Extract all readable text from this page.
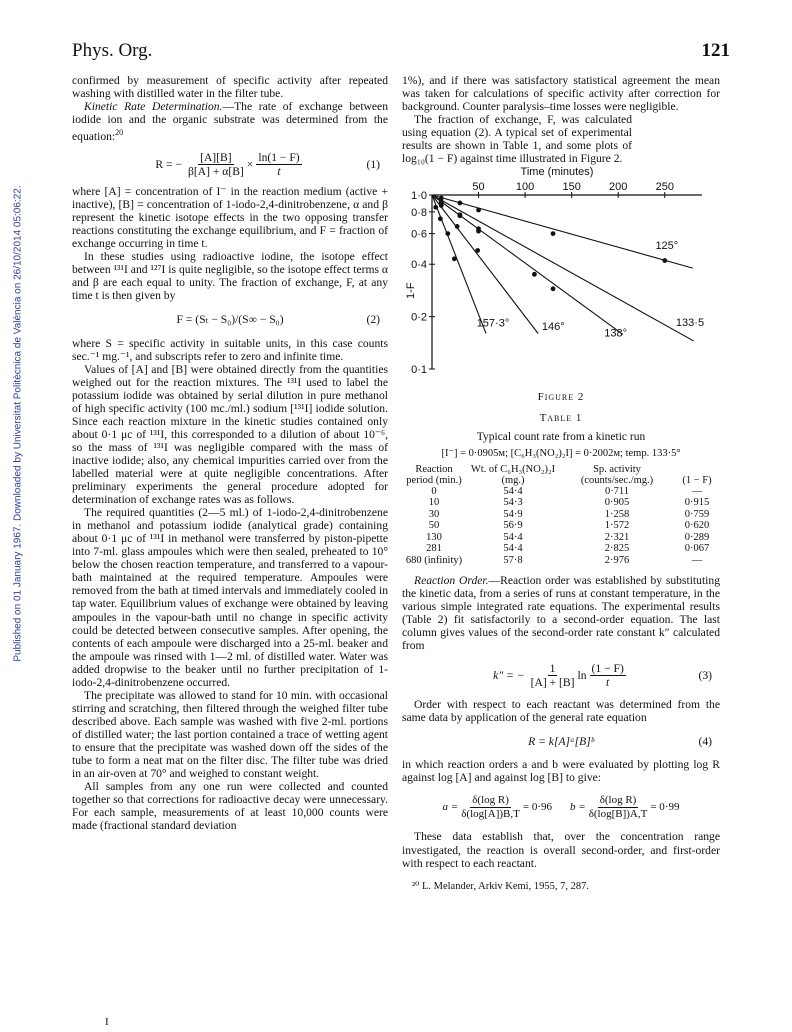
Phys. Org.	121
Published on 01 January 1967. Downloaded by Universitat Politècnica de València on 26/10/2014 05:06:22.

confirmed by measurement of specific activity after repeated washing with distilled water in the filter tube.

Kinetic Rate Determination.—The rate of exchange between iodide ion and the organic substrate was determined from the equation:$^{20}$

R = − $\frac{[A][B]}{\beta[A] + \alpha[B]} \times \frac{\ln(1 - F)}{t}$	(1)

where [A] = concentration of I⁻ in the reaction medium (active + inactive), [B] = concentration of 1-iodo-2,4-dinitrobenzene, α and β represent the kinetic isotope effects in the two opposing transfer reactions constituting the exchange equilibrium, and F = fraction of exchange occurring in time t.

In these studies using radioactive iodine, the isotope effect between ¹³¹I and ¹²⁷I is quite negligible, so the isotope effect terms α and β are each equal to unity. The fraction of exchange, F, at any time t is then given by

F = (Sₜ − S₀)/(S∞ − S₀)	(2)

where S = specific activity in suitable units, in this case counts sec.⁻¹ mg.⁻¹, and subscripts refer to zero and infinite time.

Values of [A] and [B] were obtained directly from the quantities weighed out for the reaction mixtures. The ¹³¹I used to label the potassium iodide was obtained by serial dilution in pure methanol of high specific activity (100 mc./ml.) sodium [¹³¹I] iodide solution. Since each reaction mixture in the kinetic studies contained only about 0·1 μc of ¹³¹I, this corresponded to a dilution of about 10⁻⁶, so the mass of ¹³¹I was negligible compared with the mass of inactive iodide; also, any chemical impurities carried over from the labelled material were at quite negligible concentrations. After preliminary experiments the general procedure adopted for determination of exchange rates was as follows.

The required quantities (2—5 ml.) of 1-iodo-2,4-dinitrobenzene in methanol and potassium iodide (analytical grade) containing about 0·1 μc of ¹³¹I in methanol were transferred by piston-pipette into 7-ml. glass ampoules which were then sealed, preheated to 10° below the chosen reaction temperature, and transferred to a vapour-bath maintained at the required temperature. Ampoules were removed from the bath at timed intervals and immediately cooled in tap water. Equilibrium values of exchange were obtained by leaving ampoules in the vapour-bath until no change in specific activity could be detected between consecutive samples. After opening, the contents of each ampoule were discharged into a 25-ml. beaker and the ampoule was rinsed with 1—2 ml. of distilled water. Water was added dropwise to the beaker until no further precipitation of 1-iodo-2,4-dinitrobenzene occurred.

The precipitate was allowed to stand for 10 min. with occasional stirring and scratching, then filtered through the weighed filter tube described above. Each sample was washed with five 2-ml. portions of distilled water; the last portion contained a trace of wetting agent to ensure that the precipitate was washed down off the sides of the tube to form a neat mat on the filter disc. The filter tube was dried in an air-oven at 70° and weighed to constant weight.

All samples from any one run were collected and counted together so that corrections for radioactive decay were unnecessary. For each sample, measurements of at least 10,000 counts were made (fractional standard deviation

I

1%), and if there was satisfactory statistical agreement the mean was taken for calculations of specific activity after correction for background. Counter paralysis–time losses were negligible.

The fraction of exchange, F, was calculated using equation (2). A typical set of experimental results are shown in Table 1, and some plots of log₁₀(1 − F) against time illustrated in Figure 2.

Time (minutes)
50	100	150	200	250
1·0
0·8
0·6
0·4
0·2
0·1
1-F
125°
157·3°	146°
138°
133·5
Figure 2
Table 1
Typical count rate from a kinetic run
[I⁻] = 0·0905м; [C₆H₃(NO₂)₂I] = 0·2002м; temp. 133·5°
Reaction period (min.)	Wt. of C₆H₃(NO₂)₂I (mg.)	Sp. activity (counts/sec./mg.)	(1 − F)
0	54·4	0·711	—
10	54·3	0·905	0·915
30	54·9	1·258	0·759
50	56·9	1·572	0·620
130	54·4	2·321	0·289
281	54·4	2·825	0·067
680 (infinity)	57·8	2·976	—

Reaction Order.—Reaction order was established by substituting the kinetic data, from a series of runs at constant temperature, in the various simple integrated rate equations. The experimental results (Table 2) fit satisfactorily to a second-order equation. The last column gives values of the second-order rate constant k″ calculated from

k″ = − $\frac{1}{[A] + [B]}$ $\ln \frac{(1 - F)}{t}$	(3)

Order with respect to each reactant was determined from the same data by application of the general rate equation

R = k[A]ᵃ[B]ᵇ	(4)

in which reaction orders a and b were evaluated by plotting log R against log [A] and against log [B] to give:

$a = \frac{\text{δ(log R)}}{\delta(\log[A])B,T} = 0\cdot 96$ $b = \frac{\text{δ(log R)}}{\delta(\log[B])A,T} = 0\cdot 99$

These data establish that, over the concentration range investigated, the reaction is overall second-order, and first-order with respect to each reactant.

²⁰ L. Melander, Arkiv Kemi, 1955, 7, 287.
